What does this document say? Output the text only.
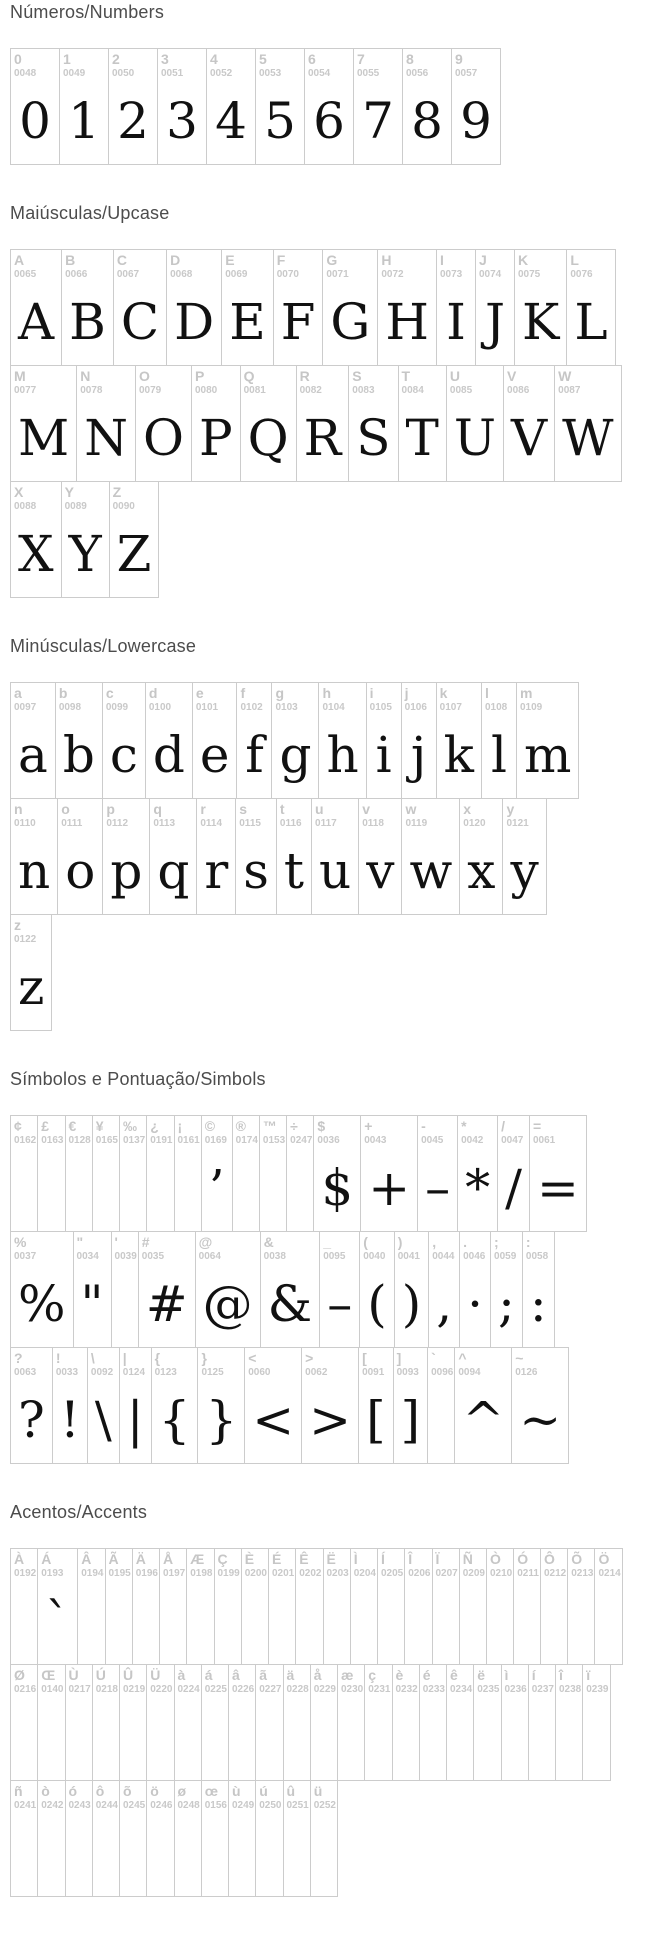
Números/Numbers
0
0048
0
1
0049
1
2
0050
2
3
0051
3
4
0052
4
5
0053
5
6
0054
6
7
0055
7
8
0056
8
9
0057
9
Maiúsculas/Upcase
A
0065
A
B
0066
B
C
0067
C
D
0068
D
E
0069
E
F
0070
F
G
0071
G
H
0072
H
I
0073
I
J
0074
J
K
0075
K
L
0076
L
M
0077
M
N
0078
N
O
0079
O
P
0080
P
Q
0081
Q
R
0082
R
S
0083
S
T
0084
T
U
0085
U
V
0086
V
W
0087
W
X
0088
X
Y
0089
Y
Z
0090
Z
Minúsculas/Lowercase
a
0097
a
b
0098
b
c
0099
c
d
0100
d
e
0101
e
f
0102
f
g
0103
g
h
0104
h
i
0105
i
j
0106
j
k
0107
k
l
0108
l
m
0109
m
n
0110
n
o
0111
o
p
0112
p
q
0113
q
r
0114
r
s
0115
s
t
0116
t
u
0117
u
v
0118
v
w
0119
w
x
0120
x
y
0121
y
z
0122
z
Símbolos e Pontuação/Simbols
¢
0162
£
0163
€
0128
¥
0165
‰
0137
¿
0191
¡
0161
©
0169
’
®
0174
™
0153
÷
0247
$
0036
$
+
0043
+
-
0045
–
*
0042
*
/
0047
/
=
0061
=
%
0037
%
"
0034
"
'
0039
#
0035
#
@
0064
@
&
0038
&
_
0095
–
(
0040
(
)
0041
)
,
0044
,
.
0046
·
;
0059
;
:
0058
:
?
0063
?
!
0033
!
\
0092
\
|
0124
|
{
0123
{
}
0125
}
<
0060
<
>
0062
>
[
0091
[
]
0093
]
`
0096
^
0094
^
~
0126
~
Acentos/Accents
À
0192
Á
0193
`
Â
0194
Ã
0195
Ä
0196
Å
0197
Æ
0198
Ç
0199
È
0200
É
0201
Ê
0202
Ë
0203
Ì
0204
Í
0205
Î
0206
Ï
0207
Ñ
0209
Ò
0210
Ó
0211
Ô
0212
Õ
0213
Ö
0214
Ø
0216
Œ
0140
Ù
0217
Ú
0218
Û
0219
Ü
0220
à
0224
á
0225
â
0226
ã
0227
ä
0228
å
0229
æ
0230
ç
0231
è
0232
é
0233
ê
0234
ë
0235
ì
0236
í
0237
î
0238
ï
0239
ñ
0241
ò
0242
ó
0243
ô
0244
õ
0245
ö
0246
ø
0248
œ
0156
ù
0249
ú
0250
û
0251
ü
0252
